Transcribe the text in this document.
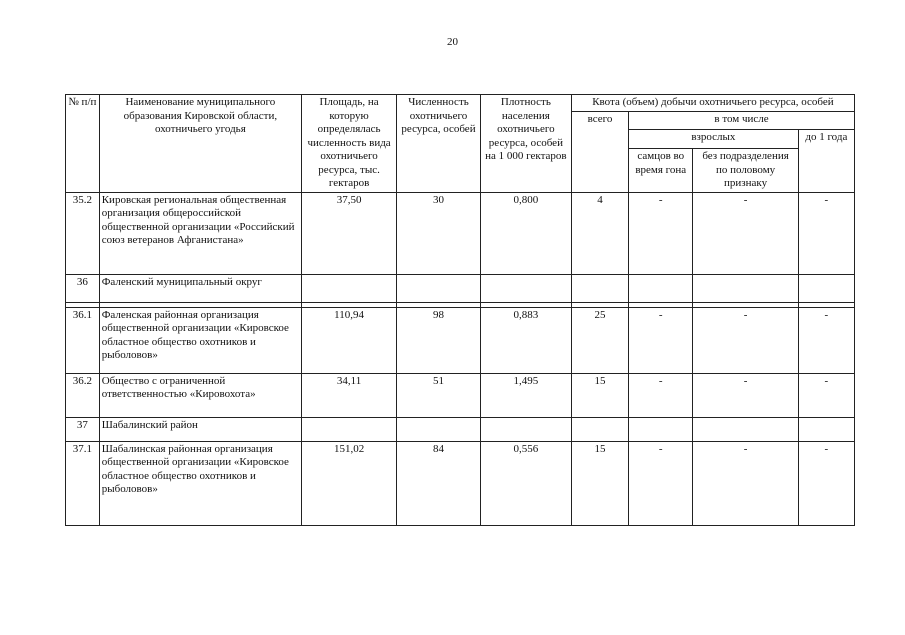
20
№ п/п	Наименование муниципального образования Кировской области, охотничьего угодья	Площадь, на которую определялась численность вида охотничьего ресурса, тыс. гектаров	Численность охотничьего ресурса, особей	Плотность населения охотничьего ресурса, особей на 1 000 гектаров	Квота (объем) добычи охотничьего ресурса, особей			
					всего	в том числе		
						взрослых		до 1 года
						самцов во время гона	без подразделения по половому признаку	
35.2	Кировская региональная общественная организация общероссийской общественной организации «Российский союз ветеранов Афганистана»	37,50	30	0,800	4	-	-	-
36	Фаленский муниципальный округ							

36.1	Фаленская районная организация общественной организации «Кировское областное общество охотников и рыболовов»	110,94	98	0,883	25	-	-	-
36.2	Общество с ограниченной ответственностью «Кировохота»	34,11	51	1,495	15	-	-	-
37	Шабалинский район							
37.1	Шабалинская районная организация общественной организации «Кировское областное общество охотников и рыболовов»	151,02	84	0,556	15	-	-	-
